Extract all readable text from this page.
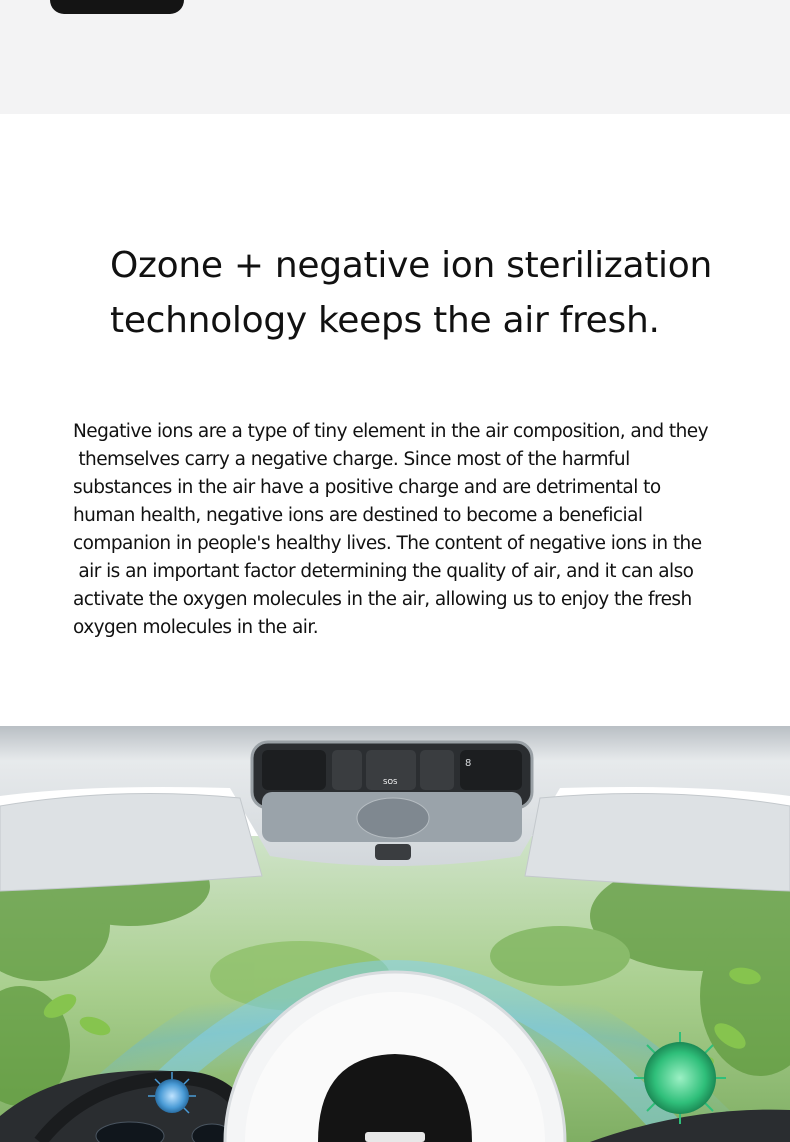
Ozone + negative ion sterilization
technology keeps the air fresh.

Negative ions are a type of tiny element in the air composition, and they
themselves carry a negative charge. Since most of the harmful
substances in the air have a positive charge and are detrimental to
human health, negative ions are destined to become a beneficial
companion in people's healthy lives. The content of negative ions in the
air is an important factor determining the quality of air, and it can also
activate the oxygen molecules in the air, allowing us to enjoy the fresh
oxygen molecules in the air.

8
SOS
